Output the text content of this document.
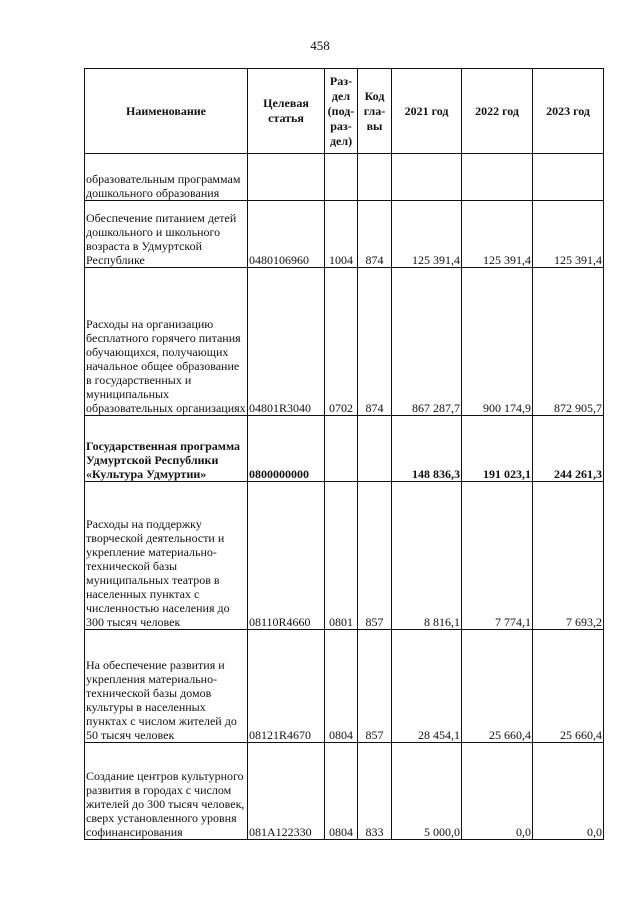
458
Наименование	Целевая статья	Раз-дел (под-раз-дел)	Код гла-вы	2021 год	2022 год	2023 год
образовательным программам дошкольного образования						
Обеспечение питанием детей дошкольного и школьного возраста в Удмуртской Республике	0480106960	1004	874	125 391,4	125 391,4	125 391,4
Расходы на организацию бесплатного горячего питания обучающихся, получающих начальное общее образование в государственных и муниципальных образовательных организациях	04801R3040	0702	874	867 287,7	900 174,9	872 905,7
Государственная программа Удмуртской Республики «Культура Удмуртии»	0800000000			148 836,3	191 023,1	244 261,3
Расходы на поддержку творческой деятельности и укрепление материально-технической базы муниципальных театров в населенных пунктах с численностью населения до 300 тысяч человек	08110R4660	0801	857	8 816,1	7 774,1	7 693,2
На обеспечение развития и укрепления материально-технической базы домов культуры в населенных пунктах с числом жителей до 50 тысяч человек	08121R4670	0804	857	28 454,1	25 660,4	25 660,4
Создание центров культурного развития в городах с числом жителей до 300 тысяч человек, сверх установленного уровня софинансирования	081A122330	0804	833	5 000,0	0,0	0,0
